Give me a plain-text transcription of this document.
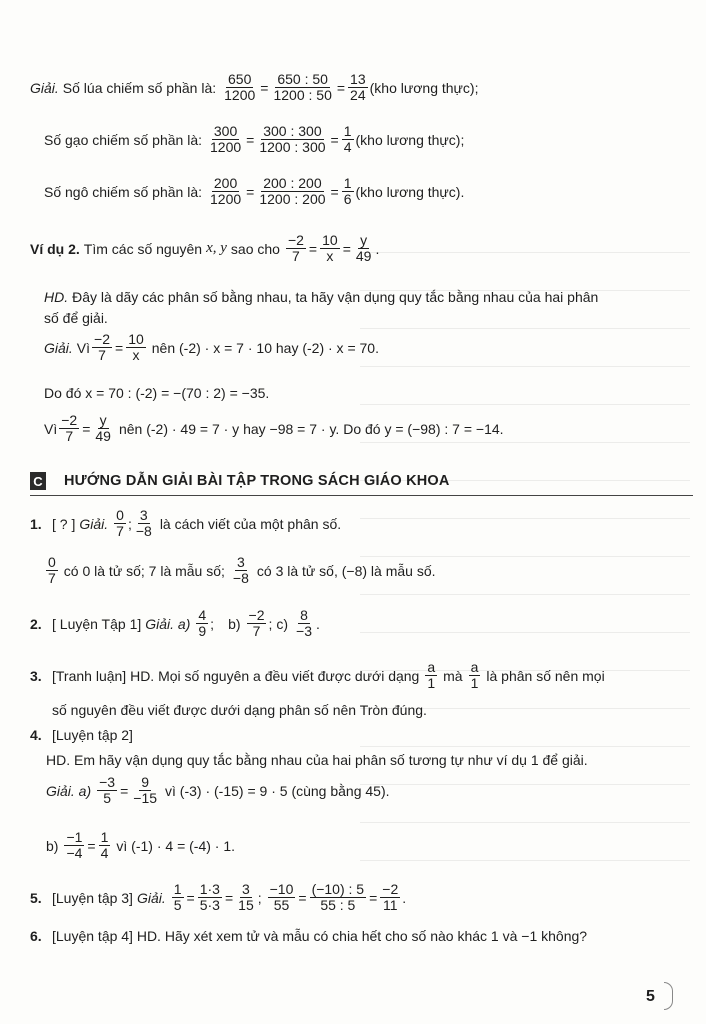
Giải. Số lúa chiếm số phần là: $\frac{650}{1200} = \frac{650 : 50}{1200 : 50} = \frac{13}{24} (kho$ lương thực);
Số gạo chiếm số phần là: $\frac{300}{1200} = \frac{300 : 300}{1200 : 300} = \frac{1}{4} (kho$ lương thực);
Số ngô chiếm số phần là: $\frac{200}{1200} = \frac{200 : 200}{1200 : 200} = \frac{1}{6} (kho$ lương thực).
Ví dụ 2. Tìm các số nguyên x, y sao cho $\frac{-2}{7} = \frac{10}{x} = \frac{y}{49}$ .
HD. Đây là dãy các phân số bằng nhau, ta hãy vận dụng quy tắc bằng nhau của hai phân
số để giải.
Giải. Vì $\frac{-2}{7} = \frac{10}{x}$ nên (-2) · x = 7 · 10 hay (-2) · x = 70.
Do đó x = 70 : (-2) = −(70 : 2) = −35.
Vì $\frac{-2}{7} = \frac{y}{49}$ nên (-2) · 49 = 7 · y hay −98 = 7 · y. Do đó y = (−98) : 7 = −14.
C HƯỚNG DẪN GIẢI BÀI TẬP TRONG SÁCH GIÁO KHOA
1. [ ? ] Giải. $\frac{0}{7}$ ; $\frac{3}{-8}$ là cách viết của một phân số.
$\frac{0}{7}$ có 0 là tử số; 7 là mẫu số; $\frac{3}{-8}$ có 3 là tử số, (−8) là mẫu số.
2. [ Luyện Tập 1] Giải. $a) \frac{4}{9}$ ; $b) \frac{-2}{7}$ ; $c) \frac{8}{-3}$ .
3. [Tranh luận] HD. Mọi số nguyên a đều viết được dưới dạng $\frac{a}{1}$ mà $\frac{a}{1}$ là phân số nên mọi
số nguyên đều viết được dưới dạng phân số nên Tròn đúng.
4. [Luyện tập 2]
HD. Em hãy vận dụng quy tắc bằng nhau của hai phân số tương tự như ví dụ 1 để giải.
Giải. $a) \frac{-3}{5} = \frac{9}{-15}$ vì (-3) · (-15) = 9 · 5 (cùng bằng 45).
$b) \frac{-1}{-4} = \frac{1}{4}$ vì (-1) · 4 = (-4) · 1.
5. [Luyện tập 3] Giải. $\frac{1}{5} = \frac{1\cdot 3}{5\cdot 3} = \frac{3}{15}$ ; $\frac{-10}{55} = \frac{(-10) : 5}{55 : 5} = \frac{-2}{11}$ .
6. [Luyện tập 4] HD. Hãy xét xem tử và mẫu có chia hết cho số nào khác 1 và −1 không?
5
